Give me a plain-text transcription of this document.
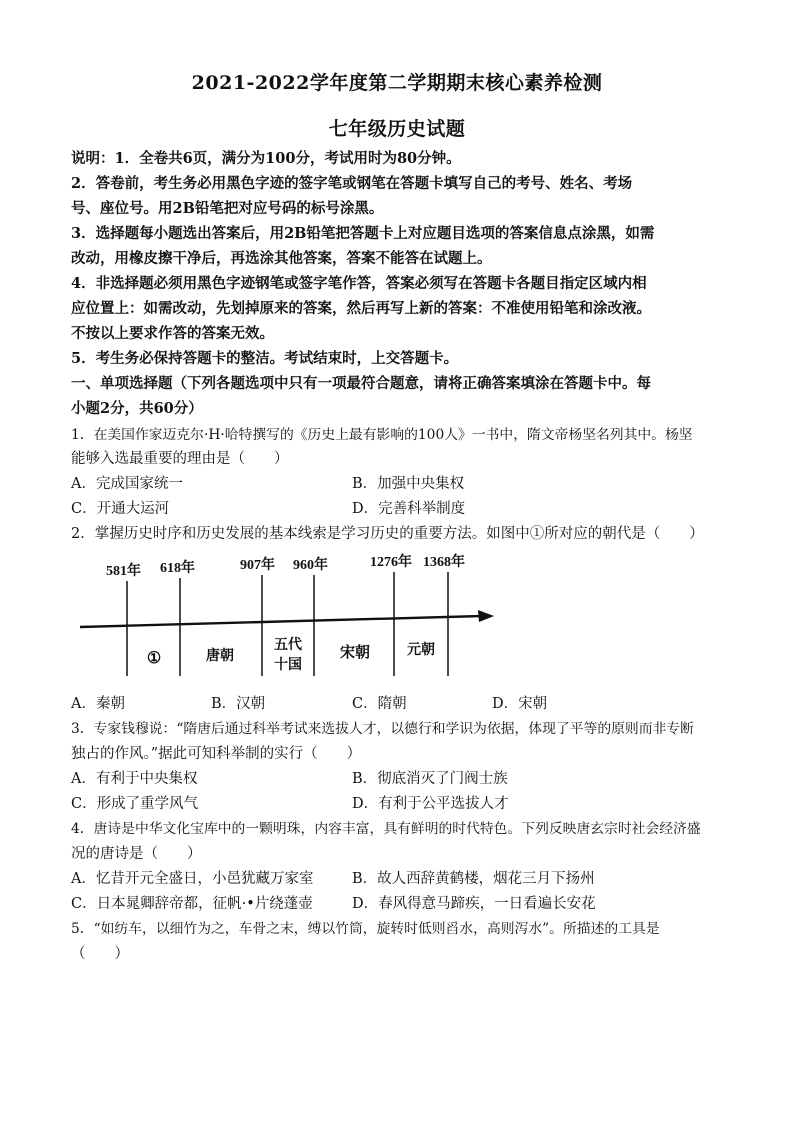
2021-2022学年度第二学期期末核心素养检测
七年级历史试题
说明：1．全卷共6页，满分为100分，考试用时为80分钟。
2．答卷前，考生务必用黑色字迹的签字笔或钢笔在答题卡填写自己的考号、姓名、考场
号、座位号。用2B铅笔把对应号码的标号涂黑。
3．选择题每小题选出答案后，用2B铅笔把答题卡上对应题目选项的答案信息点涂黑，如需
改动，用橡皮擦干净后，再选涂其他答案，答案不能答在试题上。
4．非选择题必须用黑色字迹钢笔或签字笔作答，答案必须写在答题卡各题目指定区域内相
应位置上：如需改动，先划掉原来的答案，然后再写上新的答案：不准使用铅笔和涂改液。
不按以上要求作答的答案无效。
5．考生务必保持答题卡的整洁。考试结束时，上交答题卡。
一、单项选择题（下列各题选项中只有一项最符合题意，请将正确答案填涂在答题卡中。每
小题2分，共60分）
1．在美国作家迈克尔·H·哈特撰写的《历史上最有影响的100人》一书中，隋文帝杨坚名列其中。杨坚
能够入选最重要的理由是（　　）
A．完成国家统一	B．加强中央集权
C．开通大运河	D．完善科举制度
2．掌握历史时序和历史发展的基本线索是学习历史的重要方法。如图中①所对应的朝代是（　　）
581年 618年	907年 960年	1276年 1368年
①	唐朝
五代
十国
宋朝	元朝
A．秦朝	B．汉朝	C．隋朝	D．宋朝
3．专家钱穆说：“隋唐后通过科举考试来选拔人才，以德行和学识为依据，体现了平等的原则而非专断
独占的作风。”据此可知科举制的实行（　　）
A．有利于中央集权	B．彻底消灭了门阀士族
C．形成了重学风气	D．有利于公平选拔人才
4．唐诗是中华文化宝库中的一颗明珠，内容丰富，具有鲜明的时代特色。下列反映唐玄宗时社会经济盛
况的唐诗是（　　）
A．忆昔开元全盛日，小邑犹藏万家室	B．故人西辞黄鹤楼，烟花三月下扬州
C．日本晁卿辞帝都，征帆·•片绕蓬壶	D．春风得意马蹄疾，一日看遍长安花
5．“如纺车，以细竹为之，车骨之末，缚以竹筒，旋转时低则舀水，高则泻水”。所描述的工具是
（　　）
